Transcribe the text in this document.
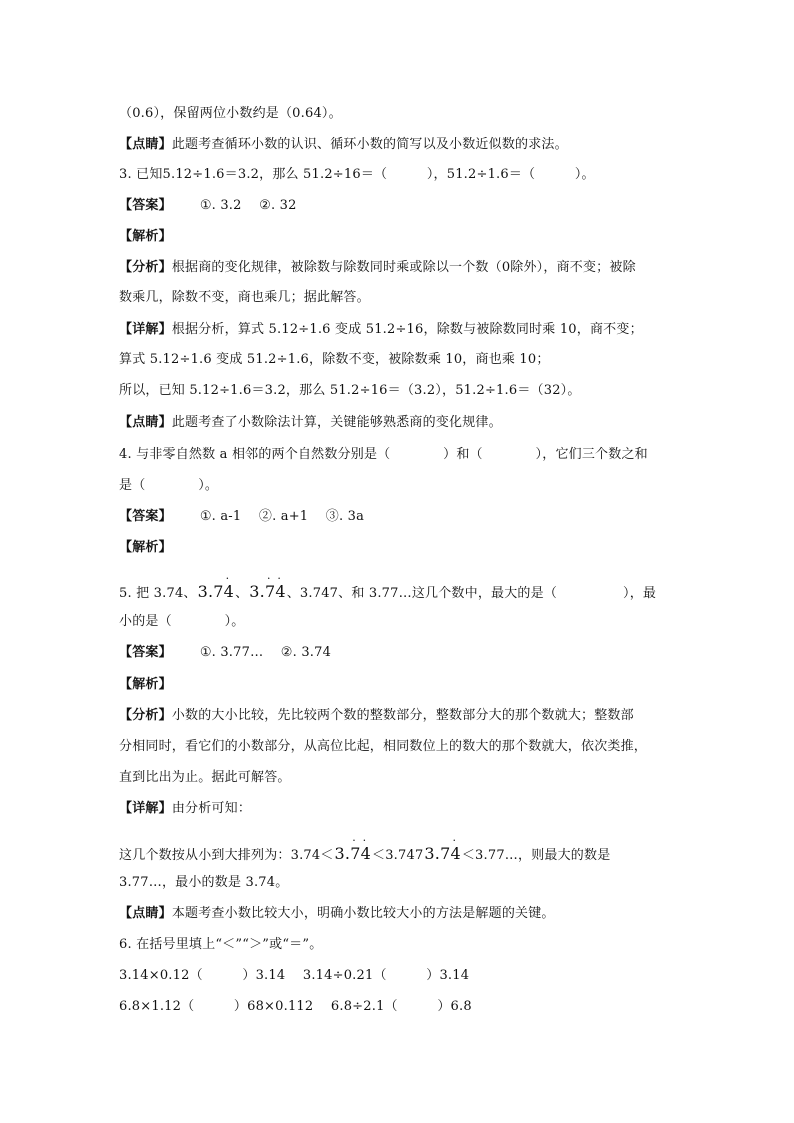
（0.6），保留两位小数约是（0.64）。
【点睛】此题考查循环小数的认识、循环小数的简写以及小数近似数的求法。
3. 已知5.12÷1.6＝3.2，那么 51.2÷16＝（　　　），51.2÷1.6＝（　　　）。
【答案】 ①. 3.2　 ②. 32
【解析】
【分析】根据商的变化规律，被除数与除数同时乘或除以一个数（0除外），商不变；被除
数乘几，除数不变，商也乘几；据此解答。
【详解】根据分析，算式 5.12÷1.6 变成 51.2÷16，除数与被除数同时乘 10，商不变；
算式 5.12÷1.6 变成 51.2÷1.6，除数不变，被除数乘 10，商也乘 10；
所以，已知 5.12÷1.6＝3.2，那么 51.2÷16＝（3.2），51.2÷1.6＝（32）。
【点睛】此题考查了小数除法计算，关键能够熟悉商的变化规律。
4. 与非零自然数 a 相邻的两个自然数分别是（　　　　）和（　　　　），它们三个数之和
是（　　　　）。
【答案】 ①. a-1　 ②. a+1　 ③. 3a
【解析】
5. 把 3.74、3.7
·
4、3.
·
7
·
4、3.747、和 3.77…这几个数中，最大的是（　　　　　），最
小的是（　　　　）。
【答案】 ①. 3.77…　 ②. 3.74
【解析】
【分析】小数的大小比较，先比较两个数的整数部分，整数部分大的那个数就大；整数部
分相同时，看它们的小数部分，从高位比起，相同数位上的数大的那个数就大，依次类推，
直到比出为止。据此可解答。
【详解】由分析可知：
这几个数按从小到大排列为：3.74＜3.
·
7
·
4＜3.7473.7
·
4＜3.77…，则最大的数是
3.77…，最小的数是 3.74。
【点睛】本题考查小数比较大小，明确小数比较大小的方法是解题的关键。
6. 在括号里填上“＜”“＞”或“＝”。
3.14×0.12（　　　）3.14　 3.14÷0.21（　　　）3.14
6.8×1.12（　　　）68×0.112　 6.8÷2.1（　　　）6.8
